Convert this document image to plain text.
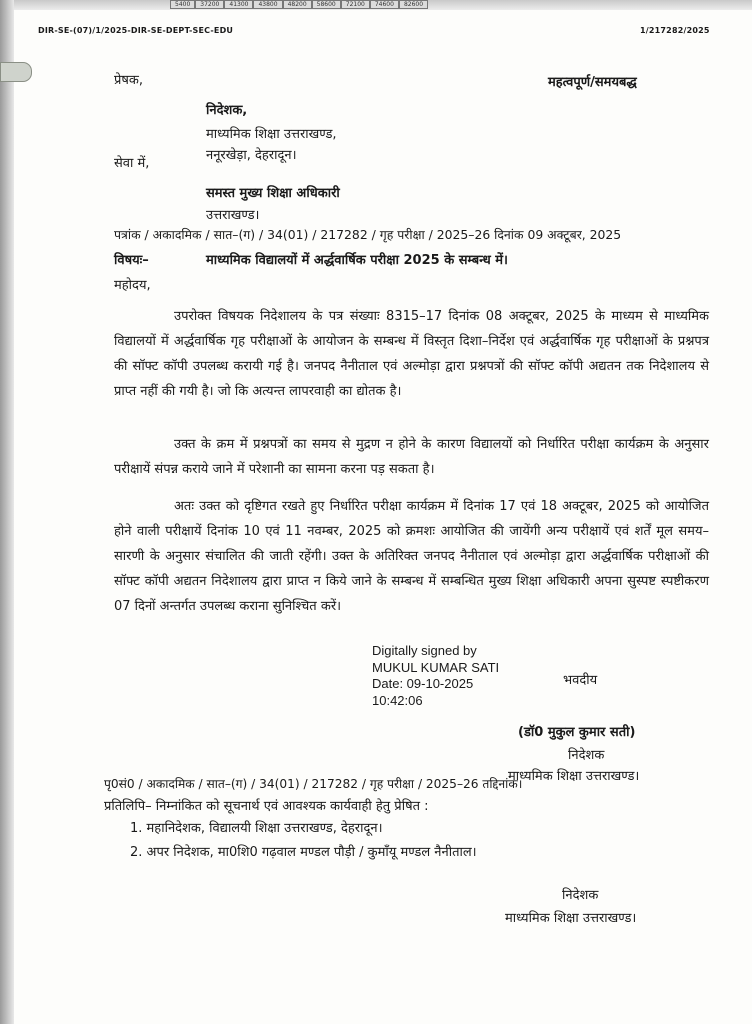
5400	37200	41300	43800	48200	58600	72100	74600	82600
DIR-SE-(07)/1/2025-DIR-SE-DEPT-SEC-EDU	1/217282/2025
प्रेषक,	महत्वपूर्ण/समयबद्ध
निदेशक,
माध्यमिक शिक्षा उत्तराखण्ड,
ननूरखेड़ा, देहरादून।
सेवा में,
समस्त मुख्य शिक्षा अधिकारी
उत्तराखण्ड।
पत्रांक / अकादमिक / सात–(ग) / 34(01) / 217282 / गृह परीक्षा / 2025–26 दिनांक 09 अक्टूबर, 2025
विषयः–	माध्यमिक विद्यालयों में अर्द्धवार्षिक परीक्षा 2025 के सम्बन्ध में।
महोदय,
उपरोक्त विषयक निदेशालय के पत्र संख्याः 8315–17 दिनांक 08 अक्टूबर, 2025 के माध्यम से माध्यमिक विद्यालयों में अर्द्धवार्षिक गृह परीक्षाओं के आयोजन के सम्बन्ध में विस्तृत दिशा–निर्देश एवं अर्द्धवार्षिक गृह परीक्षाओं के प्रश्नपत्र की सॉफ्ट कॉपी उपलब्ध करायी गई है। जनपद नैनीताल एवं अल्मोड़ा द्वारा प्रश्नपत्रों की सॉफ्ट कॉपी अद्यतन तक निदेशालय से प्राप्त नहीं की गयी है। जो कि अत्यन्त लापरवाही का द्योतक है।
उक्त के क्रम में प्रश्नपत्रों का समय से मुद्रण न होने के कारण विद्यालयों को निर्धारित परीक्षा कार्यक्रम के अनुसार परीक्षायें संपन्न कराये जाने में परेशानी का सामना करना पड़ सकता है।
अतः उक्त को दृष्टिगत रखते हुए निर्धारित परीक्षा कार्यक्रम में दिनांक 17 एवं 18 अक्टूबर, 2025 को आयोजित होने वाली परीक्षायें दिनांक 10 एवं 11 नवम्बर, 2025 को क्रमशः आयोजित की जायेंगी अन्य परीक्षायें एवं शर्तें मूल समय–सारणी के अनुसार संचालित की जाती रहेंगी। उक्त के अतिरिक्त जनपद नैनीताल एवं अल्मोड़ा द्वारा अर्द्धवार्षिक परीक्षाओं की सॉफ्ट कॉपी अद्यतन निदेशालय द्वारा प्राप्त न किये जाने के सम्बन्ध में सम्बन्धित मुख्य शिक्षा अधिकारी अपना सुस्पष्ट स्पष्टीकरण 07 दिनों अन्तर्गत उपलब्ध कराना सुनिश्चित करें।
Digitally signed by
MUKUL KUMAR SATI
Date: 09-10-2025
10:42:06
भवदीय
(डॉ0 मुकुल कुमार सती)
निदेशक
माध्यमिक शिक्षा उत्तराखण्ड।
पृ0सं0 / अकादमिक / सात–(ग) / 34(01) / 217282 / गृह परीक्षा / 2025–26 तद्दिनांक।
प्रतिलिपि– निम्नांकित को सूचनार्थ एवं आवश्यक कार्यवाही हेतु प्रेषित :
1. महानिदेशक, विद्यालयी शिक्षा उत्तराखण्ड, देहरादून।
2. अपर निदेशक, मा0शि0 गढ़वाल मण्डल पौड़ी / कुमाँयू मण्डल नैनीताल।
निदेशक
माध्यमिक शिक्षा उत्तराखण्ड।
